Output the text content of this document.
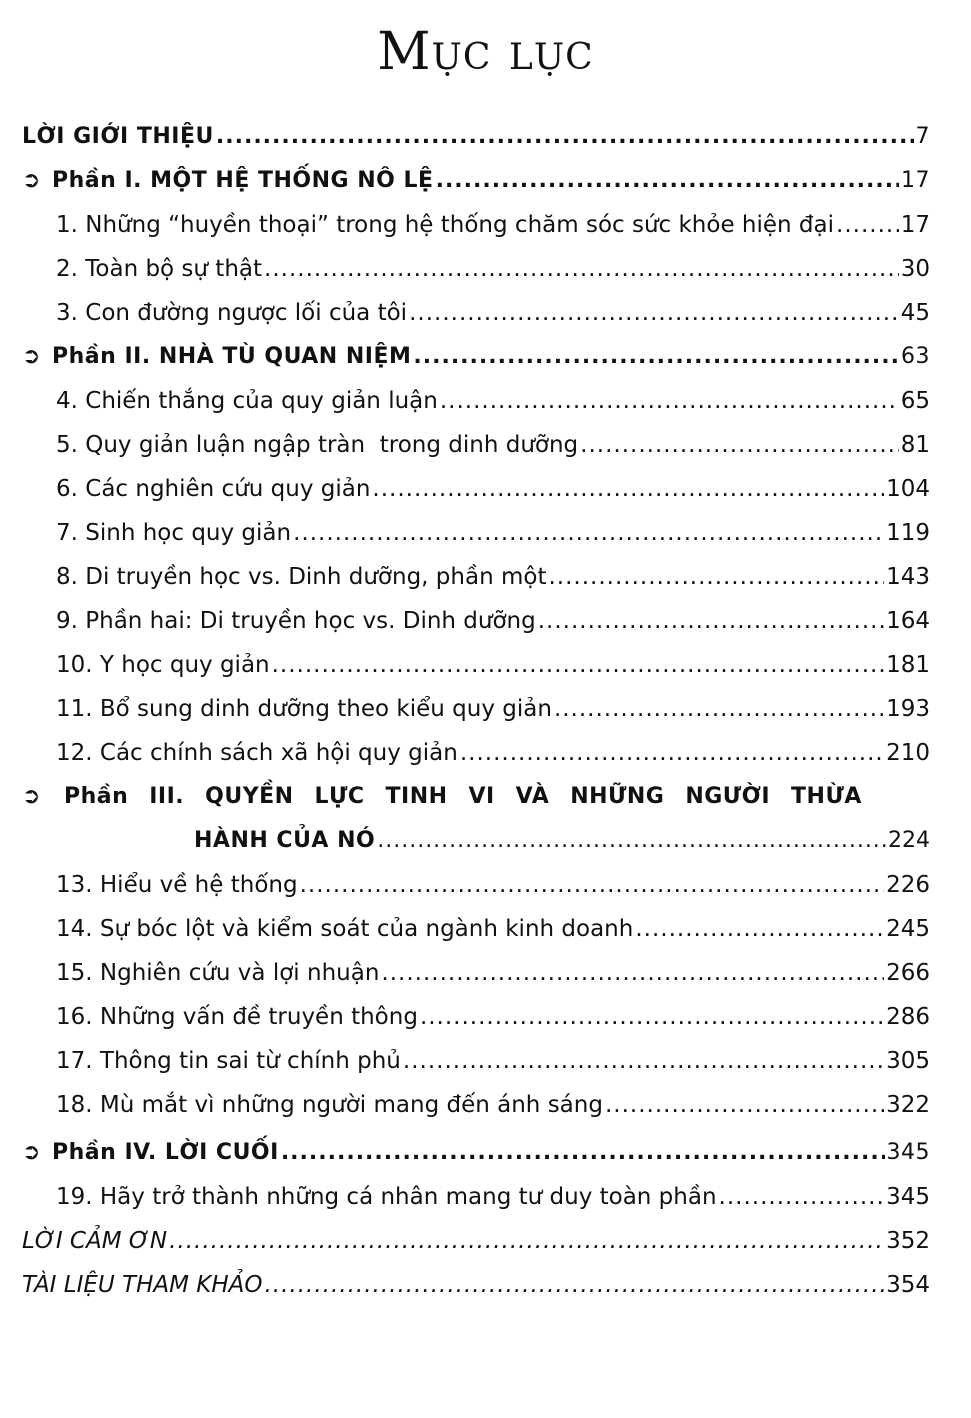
Mục lục
LỜI GIỚI THIỆU .....	7
➲ Phần I. MỘT HỆ THỐNG NÔ LỆ .....	17
1. Những “huyền thoại” trong hệ thống chăm sóc sức khỏe hiện đại .....	17
2. Toàn bộ sự thật .....	30
3. Con đường ngược lối của tôi .....	45
➲ Phần II. NHÀ TÙ QUAN NIỆM .....	63
4. Chiến thắng của quy giản luận .....	65
5. Quy giản luận ngập tràn  trong dinh dưỡng .....	81
6. Các nghiên cứu quy giản .....	104
7. Sinh học quy giản .....	119
8. Di truyền học vs. Dinh dưỡng, phần một .....	143
9. Phần hai: Di truyền học vs. Dinh dưỡng .....	164
10. Y học quy giản .....	181
11. Bổ sung dinh dưỡng theo kiểu quy giản .....	193
12. Các chính sách xã hội quy giản .....	210
➲	Phần III. QUYỀN LỰC TINH VI VÀ NHỮNG NGƯỜI THỪA
HÀNH CỦA NÓ .....	224
13. Hiểu về hệ thống .....	226
14. Sự bóc lột và kiểm soát của ngành kinh doanh .....	245
15. Nghiên cứu và lợi nhuận .....	266
16. Những vấn đề truyền thông .....	286
17. Thông tin sai từ chính phủ .....	305
18. Mù mắt vì những người mang đến ánh sáng .....	322
➲ Phần IV. LỜI CUỐI .....	345
19. Hãy trở thành những cá nhân mang tư duy toàn phần .....	345
LỜI CẢM ƠN .....	352
TÀI LIỆU THAM KHẢO .....	354
